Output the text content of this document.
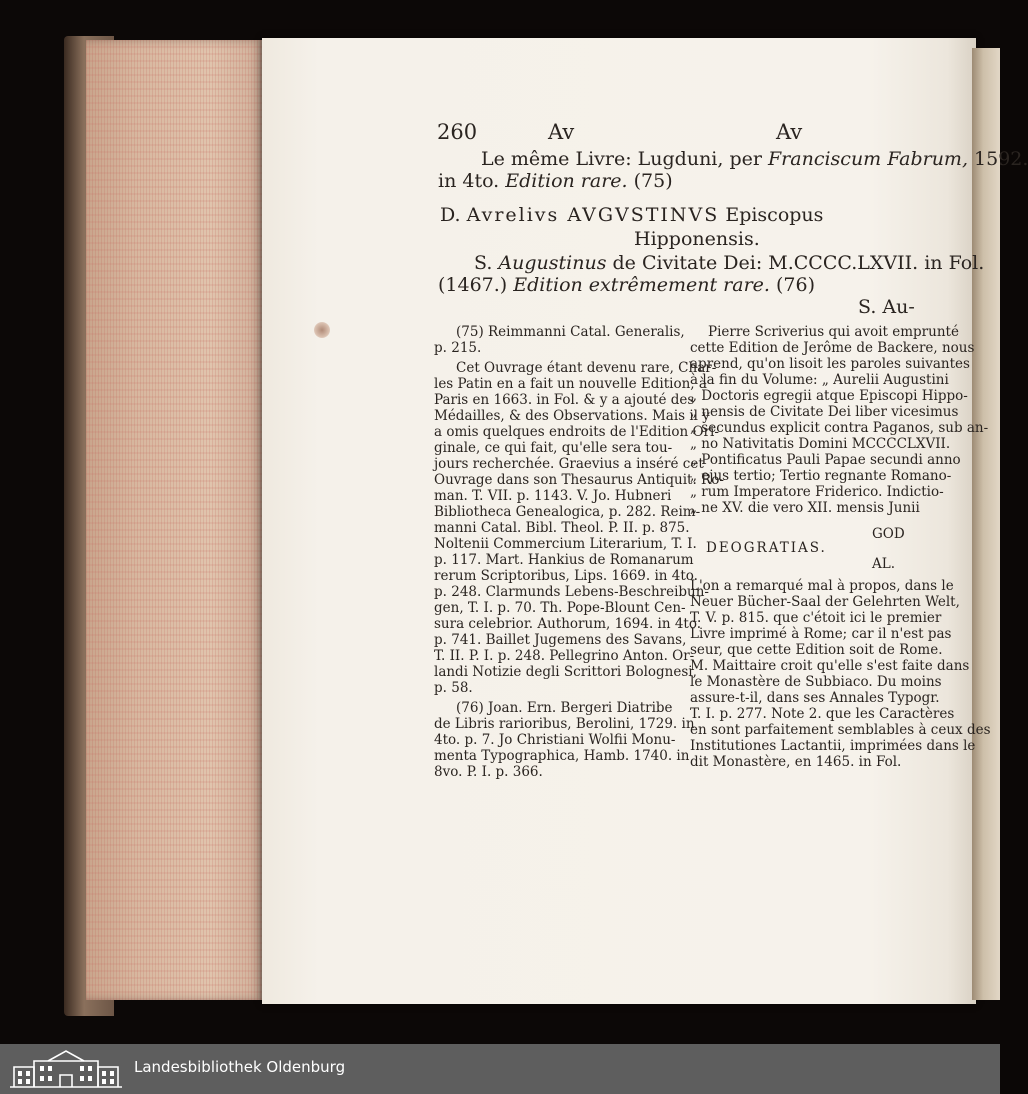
260	Av	Av
Le même Livre: Lugduni, per Franciscum Fabrum, 1592.
in 4to. Edition rare. (75)
D. Avrelivs AVGVSTINVS Episcopus
Hipponensis.
S. Augustinus de Civitate Dei: M.CCCC.LXVII. in Fol.
(1467.) Edition extrêmement rare. (76)
S. Au-
(75) Reimmanni Catal. Generalis,
p. 215.
Cet Ouvrage étant devenu rare, Char-
les Patin en a fait un nouvelle Edition, à
Paris en 1663. in Fol. & y a ajouté des
Médailles, & des Observations. Mais il y
a omis quelques endroits de l'Edition Ori-
ginale, ce qui fait, qu'elle sera tou-
jours recherchée. Graevius a inséré cet
Ouvrage dans son Thesaurus Antiquit. Ro-
man. T. VII. p. 1143. V. Jo. Hubneri
Bibliotheca Genealogica, p. 282. Reim-
manni Catal. Bibl. Theol. P. II. p. 875.
Noltenii Commercium Literarium, T. I.
p. 117. Mart. Hankius de Romanarum
rerum Scriptoribus, Lips. 1669. in 4to.
p. 248. Clarmunds Lebens-Beschreibun-
gen, T. I. p. 70. Th. Pope-Blount Cen-
sura celebrior. Authorum, 1694. in 4to.
p. 741. Baillet Jugemens des Savans,
T. II. P. I. p. 248. Pellegrino Anton. Or-
landi Notizie degli Scrittori Bolognesi,
p. 58.
(76) Joan. Ern. Bergeri Diatribe
de Libris rarioribus, Berolini, 1729. in
4to. p. 7. Jo Christiani Wolfii Monu-
menta Typographica, Hamb. 1740. in
8vo. P. I. p. 366.
Pierre Scriverius qui avoit emprunté
cette Edition de Jerôme de Backere, nous
aprend, qu'on lisoit les paroles suivantes
à la fin du Volume: „ Aurelii Augustini
„ Doctoris egregii atque Episcopi Hippo-
„ nensis de Civitate Dei liber vicesimus
„ secundus explicit contra Paganos, sub an-
„ no Nativitatis Domini MCCCCLXVII.
„ Pontificatus Pauli Papae secundi anno
„ ejus tertio; Tertio regnante Romano-
„ rum Imperatore Friderico. Indictio-
„ ne XV. die vero XII. mensis Junii
GOD
DEOGRATIAS.
AL.
L'on a remarqué mal à propos, dans le
Neuer Bücher-Saal der Gelehrten Welt,
T. V. p. 815. que c'étoit ici le premier
Livre imprimé à Rome; car il n'est pas
seur, que cette Edition soit de Rome.
M. Maittaire croit qu'elle s'est faite dans
le Monastère de Subbiaco. Du moins
assure-t-il, dans ses Annales Typogr.
T. I. p. 277. Note 2. que les Caractères
en sont parfaitement semblables à ceux des
Institutiones Lactantii, imprimées dans le
dit Monastère, en 1465. in Fol.
Landesbibliothek Oldenburg
